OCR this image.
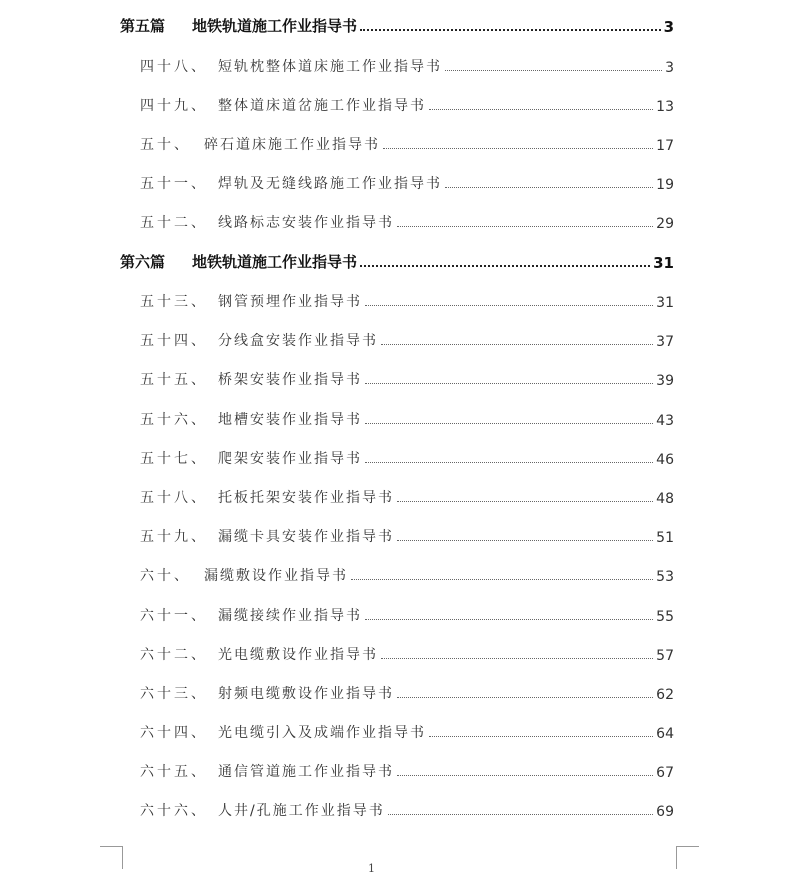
第五篇	地铁轨道施工作业指导书	3
四十八、 短轨枕整体道床施工作业指导书	3
四十九、 整体道床道岔施工作业指导书	13
五十、 碎石道床施工作业指导书	17
五十一、 焊轨及无缝线路施工作业指导书	19
五十二、 线路标志安装作业指导书	29
第六篇	地铁轨道施工作业指导书	31
五十三、 钢管预埋作业指导书	31
五十四、 分线盒安装作业指导书	37
五十五、 桥架安装作业指导书	39
五十六、 地槽安装作业指导书	43
五十七、 爬架安装作业指导书	46
五十八、 托板托架安装作业指导书	48
五十九、 漏缆卡具安装作业指导书	51
六十、 漏缆敷设作业指导书	53
六十一、 漏缆接续作业指导书	55
六十二、 光电缆敷设作业指导书	57
六十三、 射频电缆敷设作业指导书	62
六十四、 光电缆引入及成端作业指导书	64
六十五、 通信管道施工作业指导书	67
六十六、 人井/孔施工作业指导书	69
1
